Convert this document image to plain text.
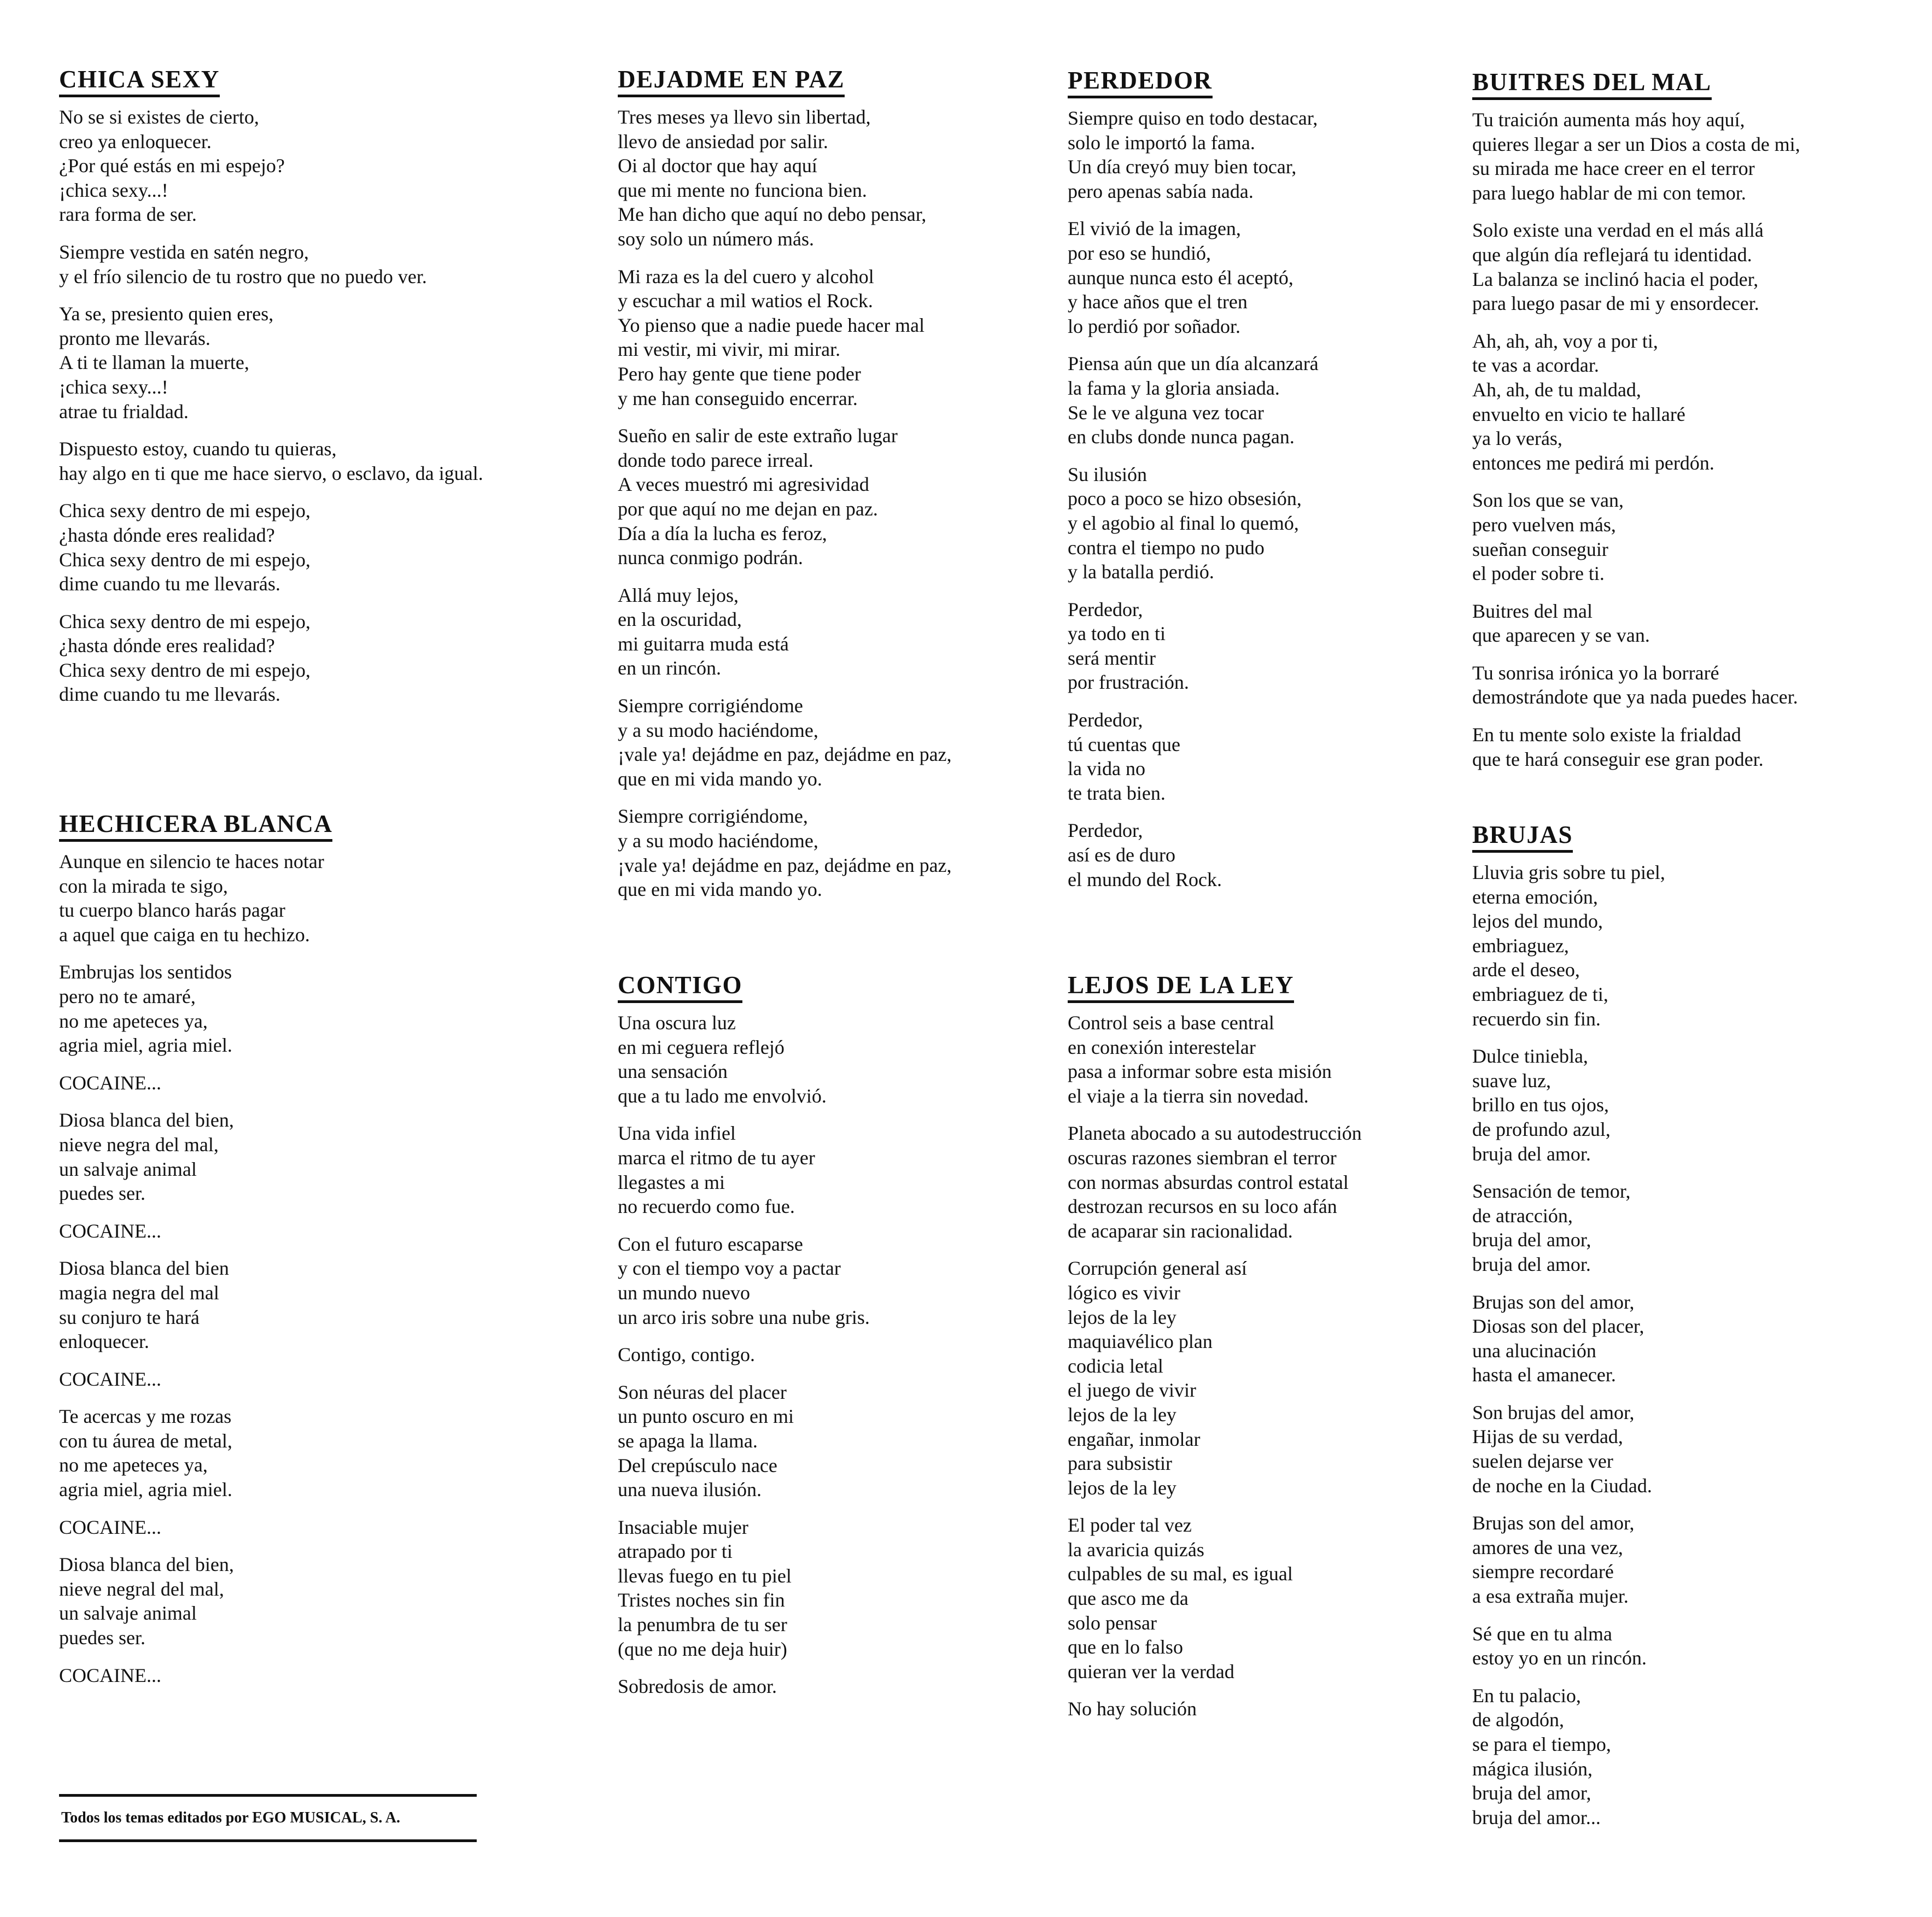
CHICA SEXY
No se si existes de cierto,
creo ya enloquecer.
¿Por qué estás en mi espejo?
¡chica sexy...!
rara forma de ser.
Siempre vestida en satén negro,
y el frío silencio de tu rostro que no puedo ver.
Ya se, presiento quien eres,
pronto me llevarás.
A ti te llaman la muerte,
¡chica sexy...!
atrae tu frialdad.
Dispuesto estoy, cuando tu quieras,
hay algo en ti que me hace siervo, o esclavo, da igual.
Chica sexy dentro de mi espejo,
¿hasta dónde eres realidad?
Chica sexy dentro de mi espejo,
dime cuando tu me llevarás.
Chica sexy dentro de mi espejo,
¿hasta dónde eres realidad?
Chica sexy dentro de mi espejo,
dime cuando tu me llevarás.
HECHICERA BLANCA
Aunque en silencio te haces notar
con la mirada te sigo,
tu cuerpo blanco harás pagar
a aquel que caiga en tu hechizo.
Embrujas los sentidos
pero no te amaré,
no me apeteces ya,
agria miel, agria miel.
COCAINE...
Diosa blanca del bien,
nieve negra del mal,
un salvaje animal
puedes ser.
COCAINE...
Diosa blanca del bien
magia negra del mal
su conjuro te hará
enloquecer.
COCAINE...
Te acercas y me rozas
con tu áurea de metal,
no me apeteces ya,
agria miel, agria miel.
COCAINE...
Diosa blanca del bien,
nieve negral del mal,
un salvaje animal
puedes ser.
COCAINE...
DEJADME EN PAZ
Tres meses ya llevo sin libertad,
llevo de ansiedad por salir.
Oi al doctor que hay aquí
que mi mente no funciona bien.
Me han dicho que aquí no debo pensar,
soy solo un número más.
Mi raza es la del cuero y alcohol
y escuchar a mil watios el Rock.
Yo pienso que a nadie puede hacer mal
mi vestir, mi vivir, mi mirar.
Pero hay gente que tiene poder
y me han conseguido encerrar.
Sueño en salir de este extraño lugar
donde todo parece irreal.
A veces muestró mi agresividad
por que aquí no me dejan en paz.
Día a día la lucha es feroz,
nunca conmigo podrán.
Allá muy lejos,
en la oscuridad,
mi guitarra muda está
en un rincón.
Siempre corrigiéndome
y a su modo haciéndome,
¡vale ya! dejádme en paz, dejádme en paz,
que en mi vida mando yo.
Siempre corrigiéndome,
y a su modo haciéndome,
¡vale ya! dejádme en paz, dejádme en paz,
que en mi vida mando yo.
CONTIGO
Una oscura luz
en mi ceguera reflejó
una sensación
que a tu lado me envolvió.
Una vida infiel
marca el ritmo de tu ayer
llegastes a mi
no recuerdo como fue.
Con el futuro escaparse
y con el tiempo voy a pactar
un mundo nuevo
un arco iris sobre una nube gris.
Contigo, contigo.
Son néuras del placer
un punto oscuro en mi
se apaga la llama.
Del crepúsculo nace
una nueva ilusión.
Insaciable mujer
atrapado por ti
llevas fuego en tu piel
Tristes noches sin fin
la penumbra de tu ser
(que no me deja huir)
Sobredosis de amor.
PERDEDOR
Siempre quiso en todo destacar,
solo le importó la fama.
Un día creyó muy bien tocar,
pero apenas sabía nada.
El vivió de la imagen,
por eso se hundió,
aunque nunca esto él aceptó,
y hace años que el tren
lo perdió por soñador.
Piensa aún que un día alcanzará
la fama y la gloria ansiada.
Se le ve alguna vez tocar
en clubs donde nunca pagan.
Su ilusión
poco a poco se hizo obsesión,
y el agobio al final lo quemó,
contra el tiempo no pudo
y la batalla perdió.
Perdedor,
ya todo en ti
será mentir
por frustración.
Perdedor,
tú cuentas que
la vida no
te trata bien.
Perdedor,
así es de duro
el mundo del Rock.
LEJOS DE LA LEY
Control seis a base central
en conexión interestelar
pasa a informar sobre esta misión
el viaje a la tierra sin novedad.
Planeta abocado a su autodestrucción
oscuras razones siembran el terror
con normas absurdas control estatal
destrozan recursos en su loco afán
de acaparar sin racionalidad.
Corrupción general así
lógico es vivir
lejos de la ley
maquiavélico plan
codicia letal
el juego de vivir
lejos de la ley
engañar, inmolar
para subsistir
lejos de la ley
El poder tal vez
la avaricia quizás
culpables de su mal, es igual
que asco me da
solo pensar
que en lo falso
quieran ver la verdad
No hay solución
BUITRES DEL MAL
Tu traición aumenta más hoy aquí,
quieres llegar a ser un Dios a costa de mi,
su mirada me hace creer en el terror
para luego hablar de mi con temor.
Solo existe una verdad en el más allá
que algún día reflejará tu identidad.
La balanza se inclinó hacia el poder,
para luego pasar de mi y ensordecer.
Ah, ah, ah, voy a por ti,
te vas a acordar.
Ah, ah, de tu maldad,
envuelto en vicio te hallaré
ya lo verás,
entonces me pedirá mi perdón.
Son los que se van,
pero vuelven más,
sueñan conseguir
el poder sobre ti.
Buitres del mal
que aparecen y se van.
Tu sonrisa irónica yo la borraré
demostrándote que ya nada puedes hacer.
En tu mente solo existe la frialdad
que te hará conseguir ese gran poder.
BRUJAS
Lluvia gris sobre tu piel,
eterna emoción,
lejos del mundo,
embriaguez,
arde el deseo,
embriaguez de ti,
recuerdo sin fin.
Dulce tiniebla,
suave luz,
brillo en tus ojos,
de profundo azul,
bruja del amor.
Sensación de temor,
de atracción,
bruja del amor,
bruja del amor.
Brujas son del amor,
Diosas son del placer,
una alucinación
hasta el amanecer.
Son brujas del amor,
Hijas de su verdad,
suelen dejarse ver
de noche en la Ciudad.
Brujas son del amor,
amores de una vez,
siempre recordaré
a esa extraña mujer.
Sé que en tu alma
estoy yo en un rincón.
En tu palacio,
de algodón,
se para el tiempo,
mágica ilusión,
bruja del amor,
bruja del amor...
Todos los temas editados por EGO MUSICAL, S. A.
